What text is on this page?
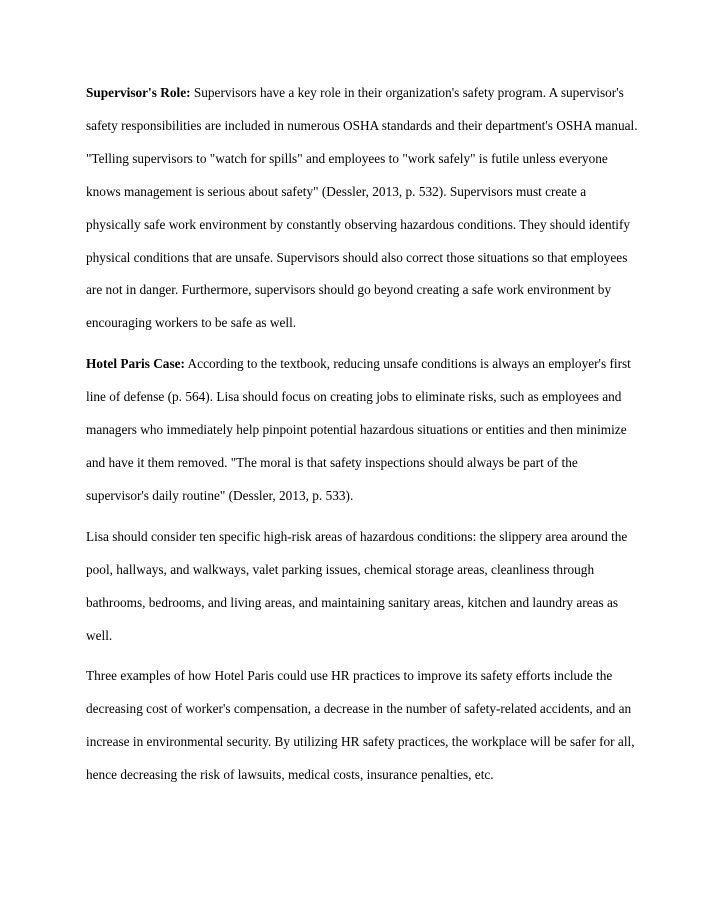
Supervisor's Role: Supervisors have a key role in their organization's safety program. A supervisor's safety responsibilities are included in numerous OSHA standards and their department's OSHA manual. "Telling supervisors to "watch for spills" and employees to "work safely" is futile unless everyone knows management is serious about safety" (Dessler, 2013, p. 532). Supervisors must create a physically safe work environment by constantly observing hazardous conditions. They should identify physical conditions that are unsafe. Supervisors should also correct those situations so that employees are not in danger. Furthermore, supervisors should go beyond creating a safe work environment by encouraging workers to be safe as well.

Hotel Paris Case: According to the textbook, reducing unsafe conditions is always an employer's first line of defense (p. 564). Lisa should focus on creating jobs to eliminate risks, such as employees and managers who immediately help pinpoint potential hazardous situations or entities and then minimize and have it them removed. "The moral is that safety inspections should always be part of the supervisor's daily routine" (Dessler, 2013, p. 533).

Lisa should consider ten specific high-risk areas of hazardous conditions: the slippery area around the pool, hallways, and walkways, valet parking issues, chemical storage areas, cleanliness through bathrooms, bedrooms, and living areas, and maintaining sanitary areas, kitchen and laundry areas as well.

Three examples of how Hotel Paris could use HR practices to improve its safety efforts include the decreasing cost of worker's compensation, a decrease in the number of safety-related accidents, and an increase in environmental security. By utilizing HR safety practices, the workplace will be safer for all, hence decreasing the risk of lawsuits, medical costs, insurance penalties, etc.
